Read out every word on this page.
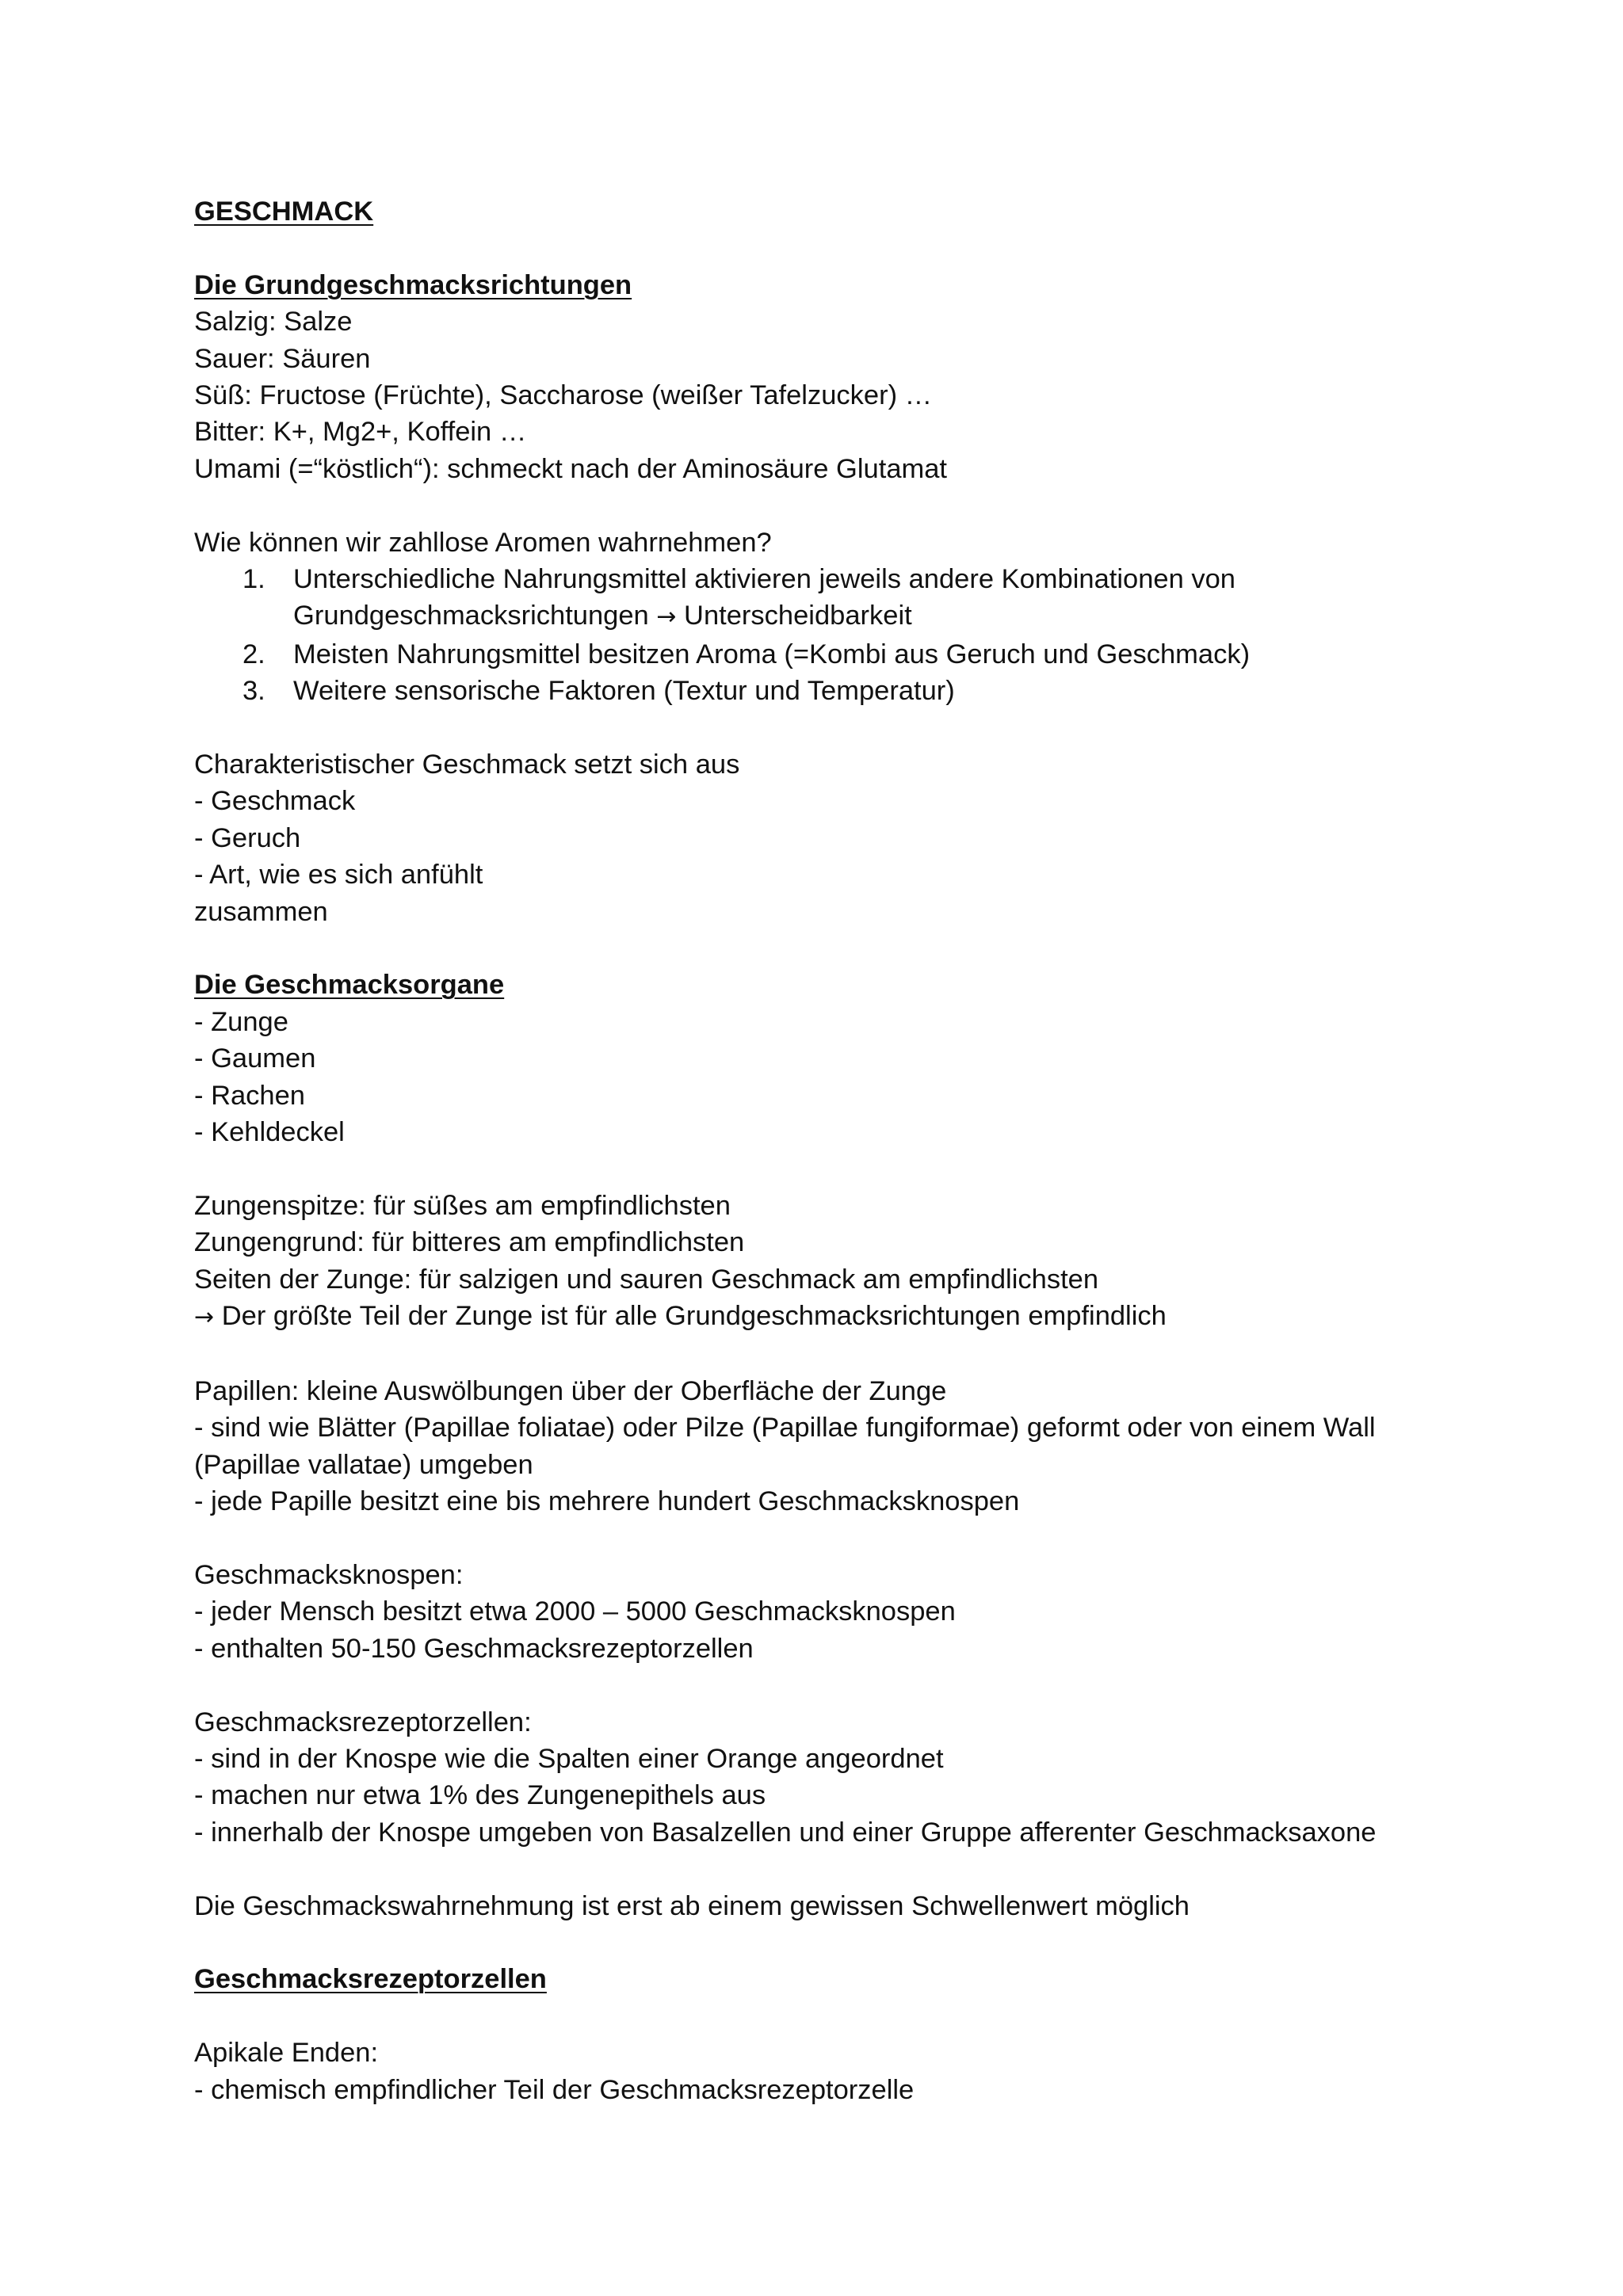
GESCHMACK
Die Grundgeschmacksrichtungen
Salzig: Salze
Sauer: Säuren
Süß: Fructose (Früchte), Saccharose (weißer Tafelzucker) …
Bitter: K+, Mg2+, Koffein …
Umami (=“köstlich“): schmeckt nach der Aminosäure Glutamat
Wie können wir zahllose Aromen wahrnehmen?
1. Unterschiedliche Nahrungsmittel aktivieren jeweils andere Kombinationen von Grundgeschmacksrichtungen → Unterscheidbarkeit
2. Meisten Nahrungsmittel besitzen Aroma (=Kombi aus Geruch und Geschmack)
3. Weitere sensorische Faktoren (Textur und Temperatur)
Charakteristischer Geschmack setzt sich aus
- Geschmack
- Geruch
- Art, wie es sich anfühlt
zusammen
Die Geschmacksorgane
- Zunge
- Gaumen
- Rachen
- Kehldeckel
Zungenspitze: für süßes am empfindlichsten
Zungengrund: für bitteres am empfindlichsten
Seiten der Zunge: für salzigen und sauren Geschmack am empfindlichsten
→ Der größte Teil der Zunge ist für alle Grundgeschmacksrichtungen empfindlich
Papillen: kleine Auswölbungen über der Oberfläche der Zunge
- sind wie Blätter (Papillae foliatae) oder Pilze (Papillae fungiformae) geformt oder von einem Wall (Papillae vallatae) umgeben
- jede Papille besitzt eine bis mehrere hundert Geschmacksknospen
Geschmacksknospen:
- jeder Mensch besitzt etwa 2000 – 5000 Geschmacksknospen
- enthalten 50-150 Geschmacksrezeptorzellen
Geschmacksrezeptorzellen:
- sind in der Knospe wie die Spalten einer Orange angeordnet
- machen nur etwa 1% des Zungenepithels aus
- innerhalb der Knospe umgeben von Basalzellen und einer Gruppe afferenter Geschmacksaxone
Die Geschmackswahrnehmung ist erst ab einem gewissen Schwellenwert möglich
Geschmacksrezeptorzellen
Apikale Enden:
- chemisch empfindlicher Teil der Geschmacksrezeptorzelle
